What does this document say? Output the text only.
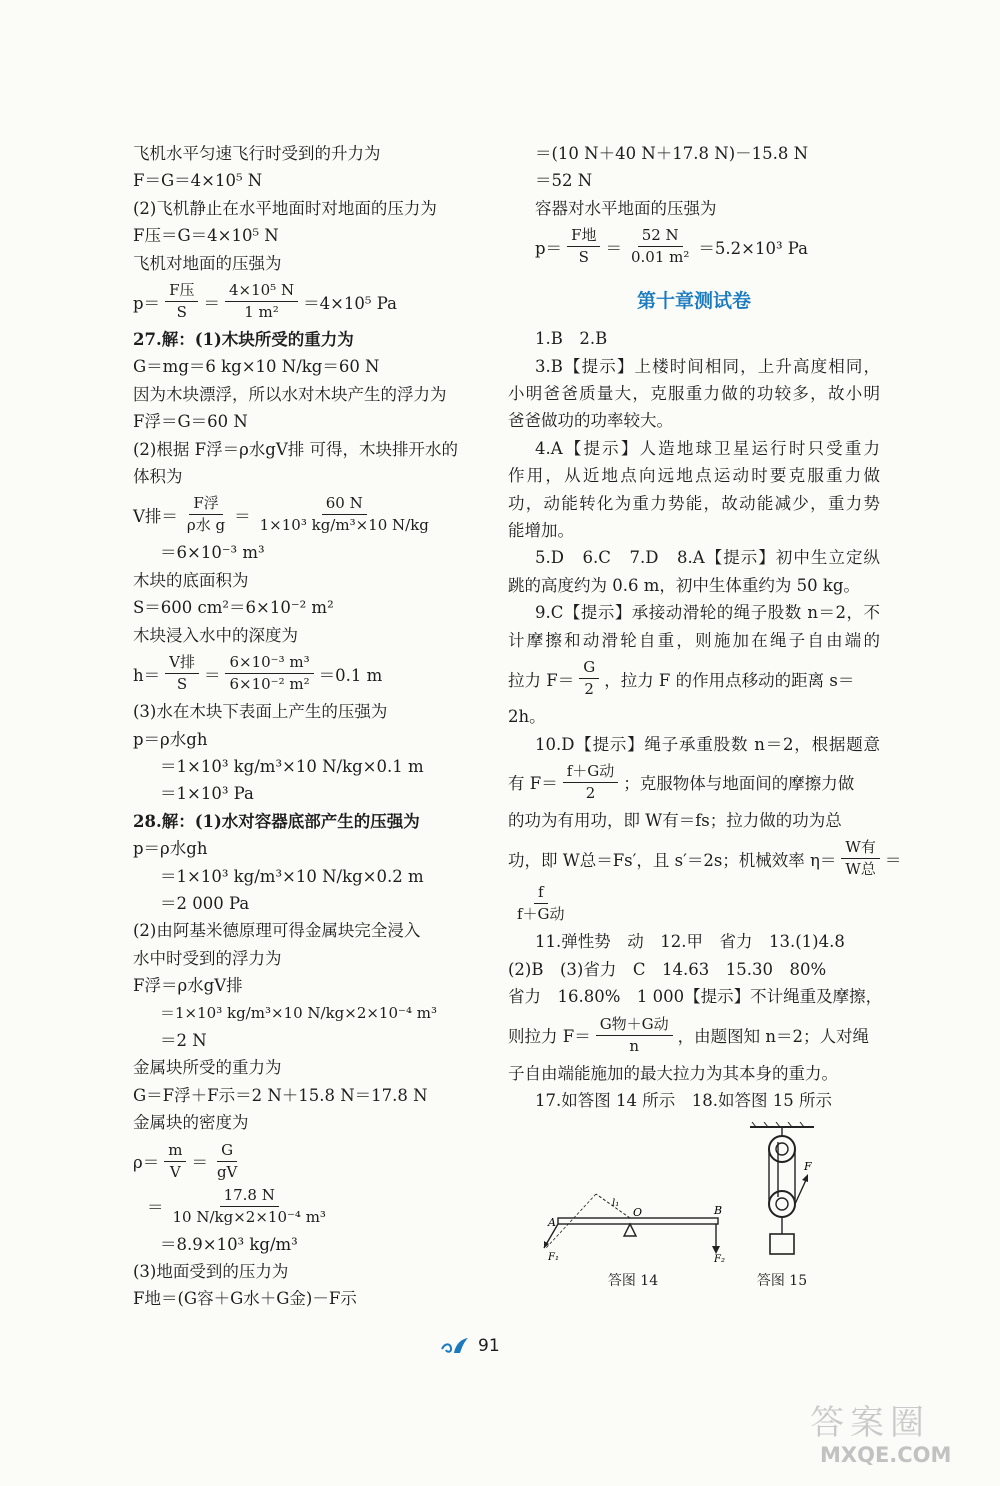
飞机水平匀速飞行时受到的升力为
F＝G＝4×10⁵ N
(2)飞机静止在水平地面时对地面的压力为
F压＝G＝4×10⁵ N
飞机对地面的压强为
$p= \frac{\text{F压}}{S} = \frac{\text{4×10⁵ N}}{\text{1 m²}} =4\times 10^5$ Pa
27.解：(1)木块所受的重力为
G＝mg＝6 kg×10 N/kg＝60 N
因为木块漂浮，所以水对木块产生的浮力为
F浮＝G＝60 N
(2)根据 F浮＝ρ水gV排 可得，木块排开水的
体积为
V排＝ $\frac{\text{F浮}}{\text{ρ水 g}} = \frac{60 N}{\text{1×10³ kg/m³×10 N/kg}}$
＝6×10⁻³ m³
木块的底面积为
S＝600 cm²＝6×10⁻² m²
木块浸入水中的深度为
$h= \frac{\text{V排}}{S} = \frac{\text{6×10⁻³ m³}}{\text{6×10⁻² m²}} =0.1$ m
(3)水在木块下表面上产生的压强为
p＝ρ水gh
＝1×10³ kg/m³×10 N/kg×0.1 m
＝1×10³ Pa
28.解：(1)水对容器底部产生的压强为
p＝ρ水gh
＝1×10³ kg/m³×10 N/kg×0.2 m
＝2 000 Pa
(2)由阿基米德原理可得金属块完全浸入
水中时受到的浮力为
F浮＝ρ水gV排
＝1×10³ kg/m³×10 N/kg×2×10⁻⁴ m³
＝2 N
金属块所受的重力为
G＝F浮＋F示＝2 N＋15.8 N＝17.8 N
金属块的密度为
$\rho= \frac{m}{V} = \frac{G}{gV}$
＝ $\frac{17.8 N}{\text{10 N/kg×2×10⁻⁴ m³}}$
＝8.9×10³ kg/m³
(3)地面受到的压力为
F地＝(G容＋G水＋G金)－F示
＝(10 N＋40 N＋17.8 N)－15.8 N
＝52 N
容器对水平地面的压强为
$p= \frac{\text{F地}}{S} = \frac{52 N}{\text{0.01 m²}} =5.2\times 10^3$ Pa
第十章测试卷
1.B　2.B
3.B【提示】上楼时间相同，上升高度相同，
小明爸爸质量大，克服重力做的功较多，故小明
爸爸做功的功率较大。
4.A【提示】人造地球卫星运行时只受重力
作用，从近地点向远地点运动时要克服重力做
功，动能转化为重力势能，故动能减少，重力势
能增加。
5.D　6.C　7.D　8.A【提示】初中生立定纵
跳的高度约为 0.6 m，初中生体重约为 50 kg。
9.C【提示】承接动滑轮的绳子股数 n＝2，不
计摩擦和动滑轮自重，则施加在绳子自由端的
拉力 $F= \frac{G}{2}$ ，拉力 F 的作用点移动的距离 s＝
2h。
10.D【提示】绳子承重股数 n＝2，根据题意
有 $F= \frac{\text{f＋G动}}{2}$ ；克服物体与地面间的摩擦力做
的功为有用功，即 W有＝fs；拉力做的功为总
功，即 W总＝Fs′，且 s′＝2s；机械效率 $\eta= \frac{\text{W有}}{\text{W总}}$ ＝
$\frac{f}{\text{f＋G动}}$
11.弹性势　动　12.甲　省力　13.(1)4.8
(2)B　(3)省力　C　14.63　15.30　80%
省力　16.80%　1 000【提示】不计绳重及摩擦，
则拉力 $F= \frac{\text{G物＋G动}}{n}$ ，由题图知 n＝2；人对绳
子自由端能施加的最大拉力为其本身的重力。
17.如答图 14 所示　18.如答图 15 所示
A
B
O
l₁
F₁	F₂
答图 14
F
答图 15
91
答案圈
MXQE.COM
